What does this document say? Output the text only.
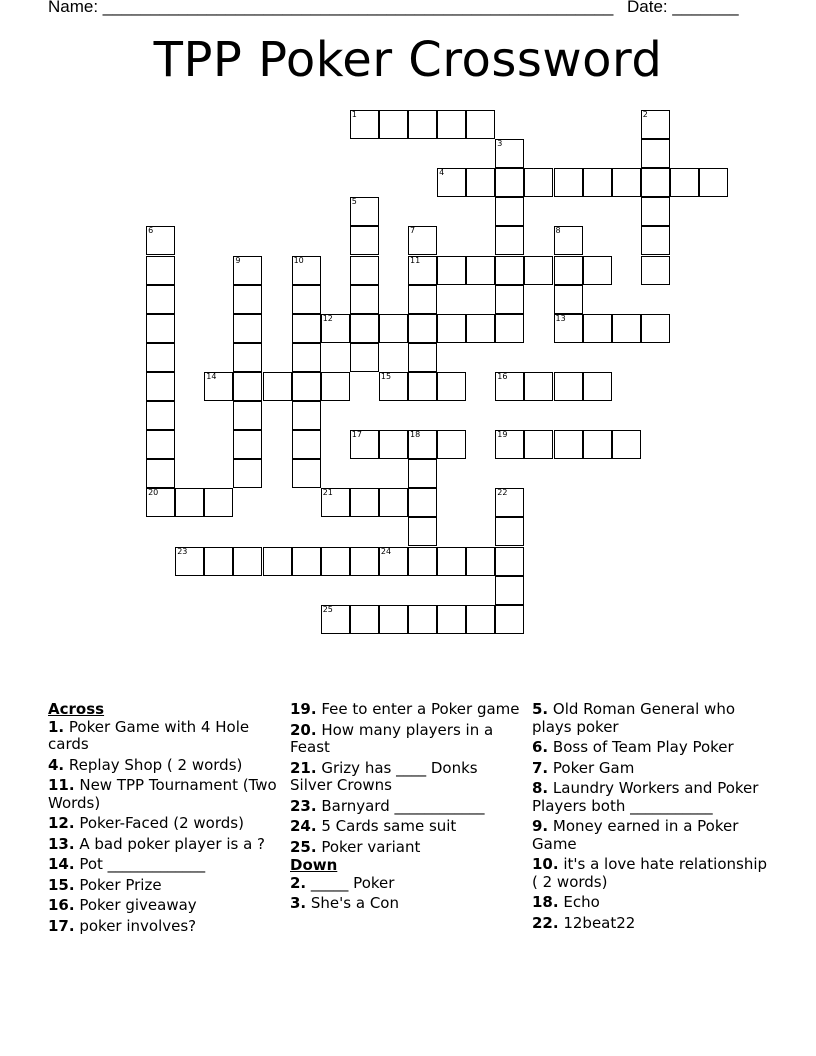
Name: ______________________________________________________ Date: _______
TPP Poker Crossword
1	2
3
4
5
6
20
7
11
8
9	10
12	13
14	15	16
17	18	19
21	22
23	24
25
Across
1. Poker Game with 4 Hole cards
4. Replay Shop ( 2 words)
11. New TPP Tournament (Two Words)
12. Poker-Faced (2 words)
13. A bad poker player is a ?
14. Pot _____________
15. Poker Prize
16. Poker giveaway
17. poker involves?
19. Fee to enter a Poker game
20. How many players in a Feast
21. Grizy has ____ Donks Silver Crowns
23. Barnyard ____________
24. 5 Cards same suit
25. Poker variant
Down
2. _____ Poker
3. She's a Con
5. Old Roman General who plays poker
6. Boss of Team Play Poker
7. Poker Gam
8. Laundry Workers and Poker Players both ___________
9. Money earned in a Poker Game
10. it's a love hate relationship ( 2 words)
18. Echo
22. 12beat22
